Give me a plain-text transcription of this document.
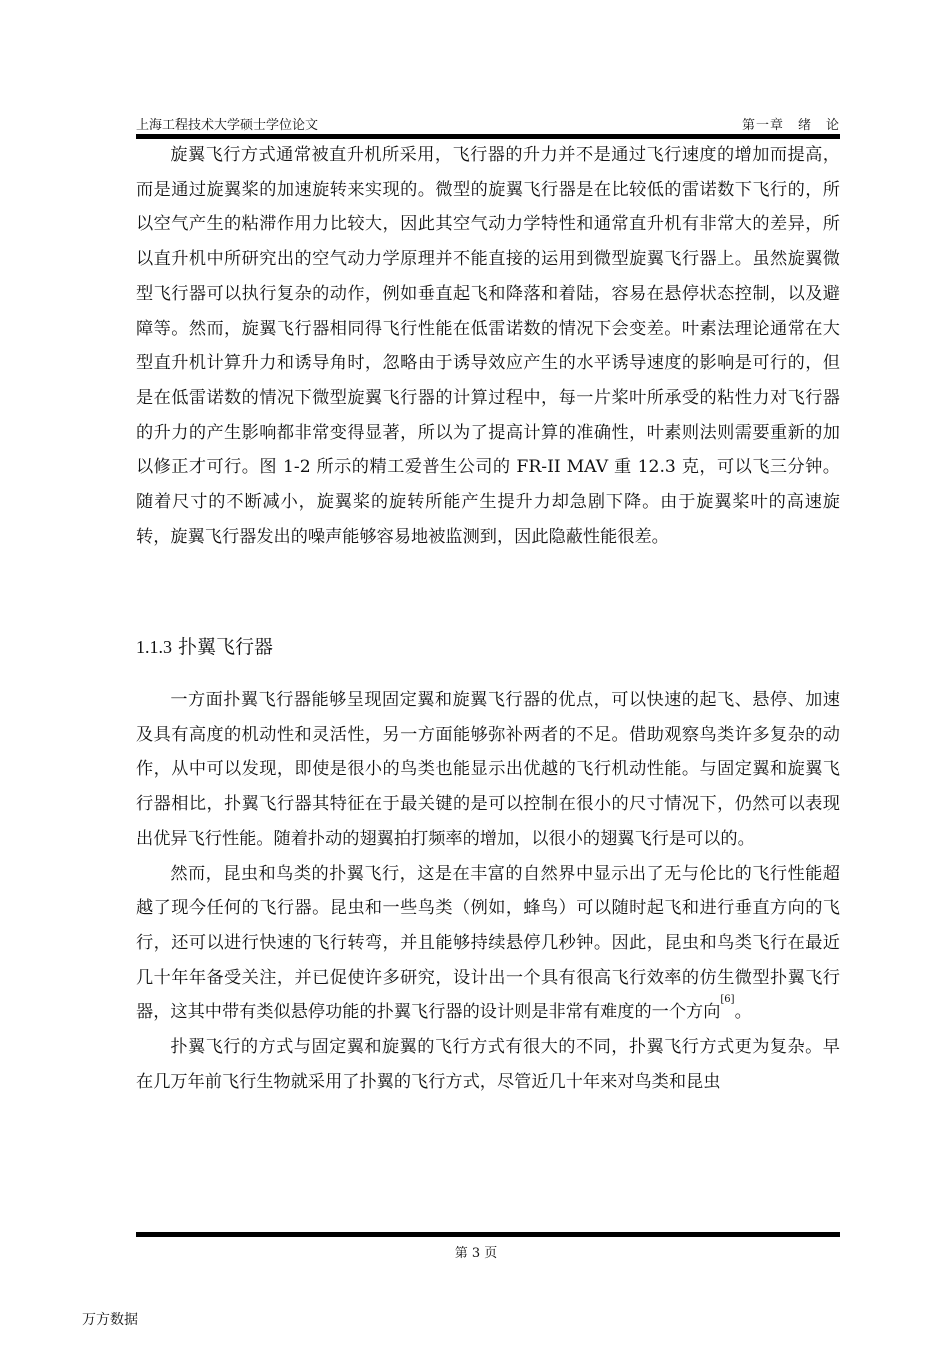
上海工程技术大学硕士学位论文	第一章　绪　论

旋翼飞行方式通常被直升机所采用，飞行器的升力并不是通过飞行速度的增加而提高，而是通过旋翼桨的加速旋转来实现的。微型的旋翼飞行器是在比较低的雷诺数下飞行的，所以空气产生的粘滞作用力比较大，因此其空气动力学特性和通常直升机有非常大的差异，所以直升机中所研究出的空气动力学原理并不能直接的运用到微型旋翼飞行器上。虽然旋翼微型飞行器可以执行复杂的动作，例如垂直起飞和降落和着陆，容易在悬停状态控制，以及避障等。然而，旋翼飞行器相同得飞行性能在低雷诺数的情况下会变差。叶素法理论通常在大型直升机计算升力和诱导角时，忽略由于诱导效应产生的水平诱导速度的影响是可行的，但是在低雷诺数的情况下微型旋翼飞行器的计算过程中，每一片桨叶所承受的粘性力对飞行器的升力的产生影响都非常变得显著，所以为了提高计算的准确性，叶素则法则需要重新的加以修正才可行。图 1-2 所示的精工爱普生公司的 FR-II MAV 重 12.3 克，可以飞三分钟。随着尺寸的不断减小，旋翼桨的旋转所能产生提升力却急剧下降。由于旋翼桨叶的高速旋转，旋翼飞行器发出的噪声能够容易地被监测到，因此隐蔽性能很差。

1.1.3 扑翼飞行器

一方面扑翼飞行器能够呈现固定翼和旋翼飞行器的优点，可以快速的起飞、悬停、加速及具有高度的机动性和灵活性，另一方面能够弥补两者的不足。借助观察鸟类许多复杂的动作，从中可以发现，即使是很小的鸟类也能显示出优越的飞行机动性能。与固定翼和旋翼飞行器相比，扑翼飞行器其特征在于最关键的是可以控制在很小的尺寸情况下，仍然可以表现出优异飞行性能。随着扑动的翅翼拍打频率的增加，以很小的翅翼飞行是可以的。

然而，昆虫和鸟类的扑翼飞行，这是在丰富的自然界中显示出了无与伦比的飞行性能超越了现今任何的飞行器。昆虫和一些鸟类（例如，蜂鸟）可以随时起飞和进行垂直方向的飞行，还可以进行快速的飞行转弯，并且能够持续悬停几秒钟。因此，昆虫和鸟类飞行在最近几十年年备受关注，并已促使许多研究，设计出一个具有很高飞行效率的仿生微型扑翼飞行器，这其中带有类似悬停功能的扑翼飞行器的设计则是非常有难度的一个方向[6]。

扑翼飞行的方式与固定翼和旋翼的飞行方式有很大的不同，扑翼飞行方式更为复杂。早在几万年前飞行生物就采用了扑翼的飞行方式，尽管近几十年来对鸟类和昆虫

第 3 页
万方数据
